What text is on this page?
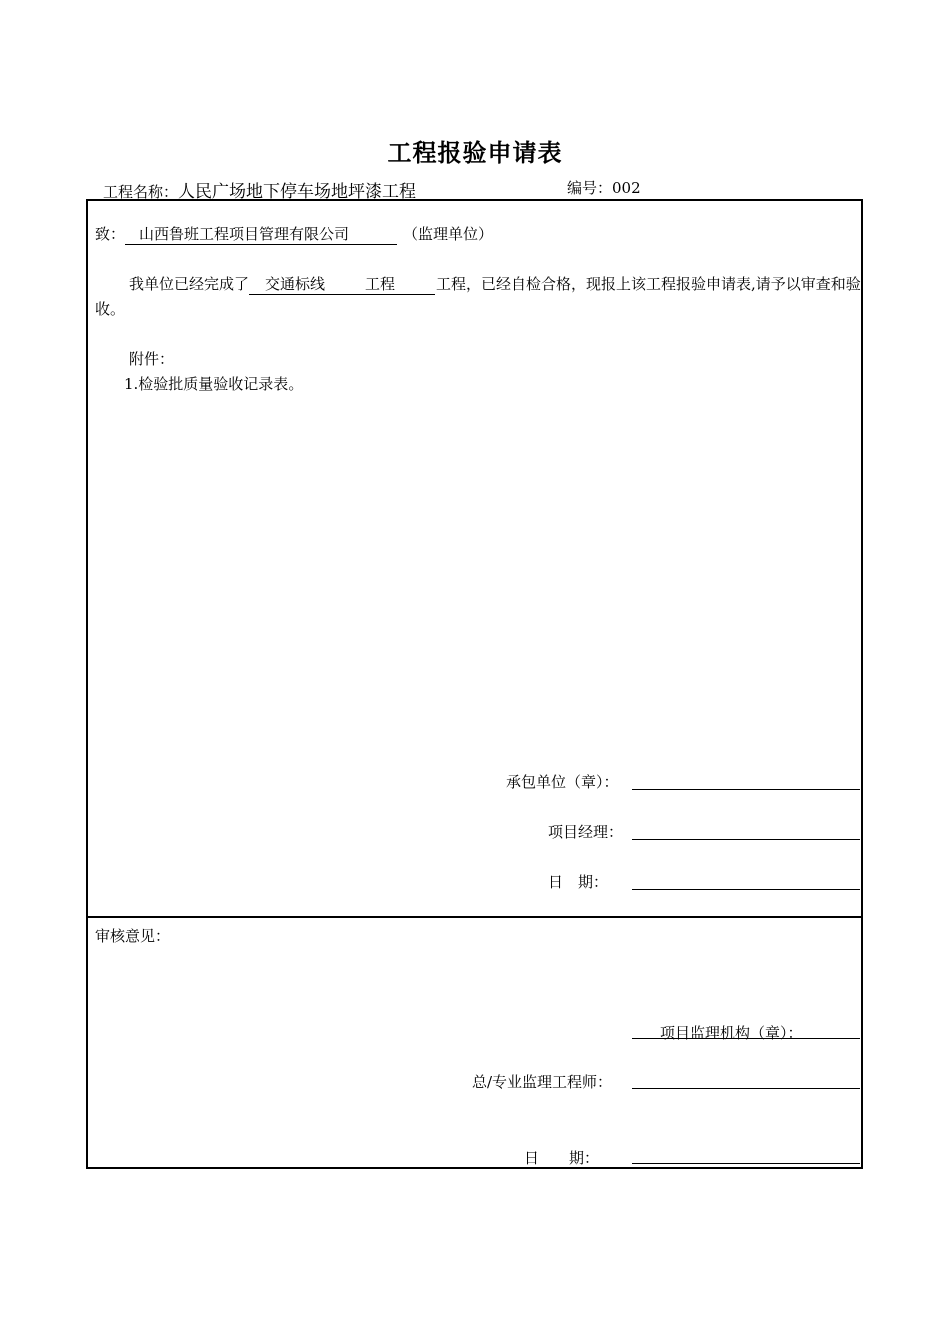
工程报验申请表
工程名称：人民广场地下停车场地坪漆工程	编号：002
致： 山西鲁班工程项目管理有限公司	（监理单位）
我单位已经完成了 交通标线	工程	工程，已经自检合格，现报上该工程报验申请表,请予以审查和验
收。
附件：
1.检验批质量验收记录表。
承包单位（章）：
项目经理：
日　期：
审核意见：
项目监理机构（章）：
总/专业监理工程师：
日　　期：
